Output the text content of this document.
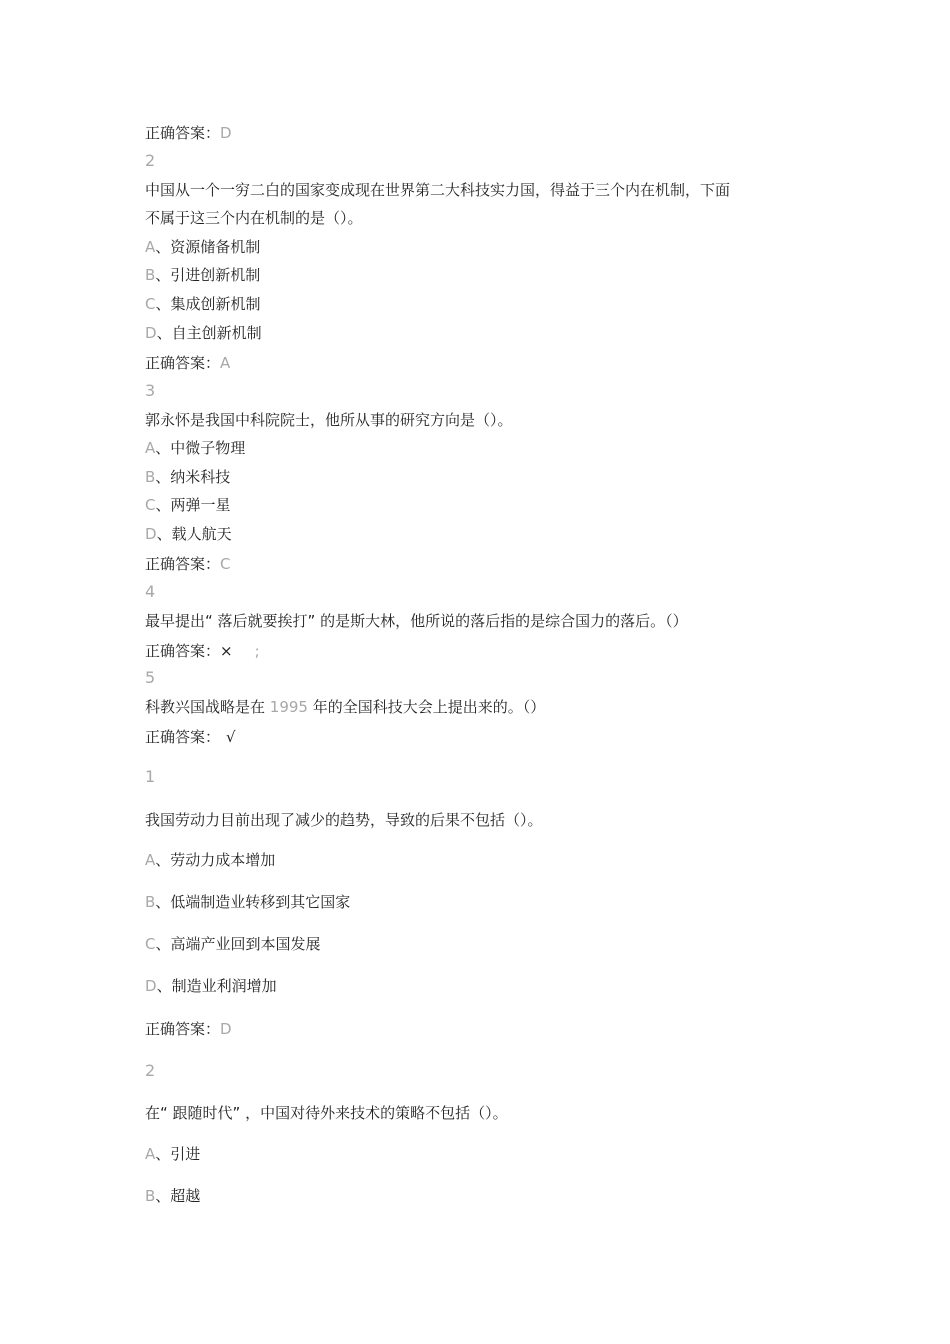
正确答案：D
2
中国从一个一穷二白的国家变成现在世界第二大科技实力国，得益于三个内在机制，下面
不属于这三个内在机制的是（）。
A、资源储备机制
B、引进创新机制
C、集成创新机制
D、自主创新机制
正确答案：A
3
郭永怀是我国中科院院士，他所从事的研究方向是（）。
A、中微子物理
B、纳米科技
C、两弹一星
D、载人航天
正确答案：C
4
最早提出“ 落后就要挨打” 的是斯大林，他所说的落后指的是综合国力的落后。（）
正确答案：× ;
5
科教兴国战略是在 1995 年的全国科技大会上提出来的。（）
正确答案： √
1
我国劳动力目前出现了减少的趋势，导致的后果不包括（）。
A、劳动力成本增加
B、低端制造业转移到其它国家
C、高端产业回到本国发展
D、制造业利润增加
正确答案：D
2
在“ 跟随时代” ，中国对待外来技术的策略不包括（）。
A、引进
B、超越
